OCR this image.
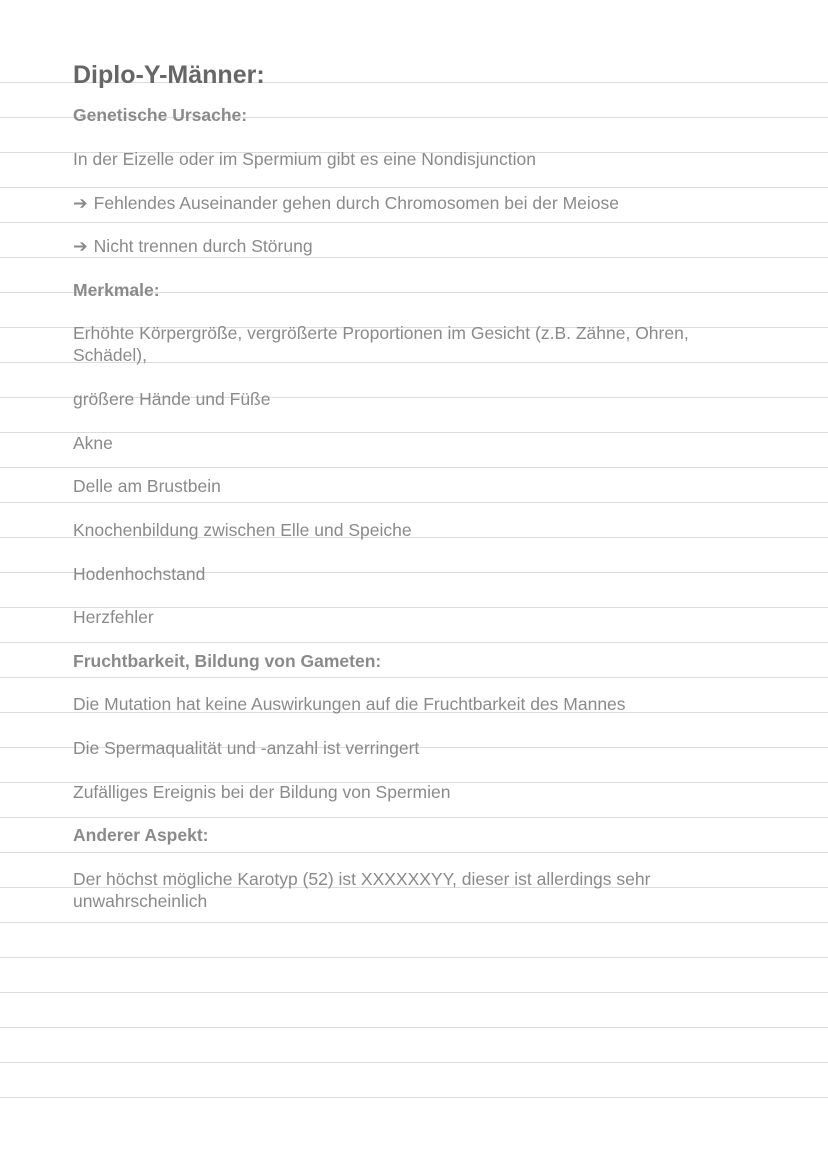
Diplo-Y-Männer:
Genetische Ursache:
In der Eizelle oder im Spermium gibt es eine Nondisjunction
➔ Fehlendes Auseinander gehen durch Chromosomen bei der Meiose
➔ Nicht trennen durch Störung
Merkmale:
Erhöhte Körpergröße, vergrößerte Proportionen im Gesicht (z.B. Zähne, Ohren, Schädel),
größere Hände und Füße
Akne
Delle am Brustbein
Knochenbildung zwischen Elle und Speiche
Hodenhochstand
Herzfehler
Fruchtbarkeit, Bildung von Gameten:
Die Mutation hat keine Auswirkungen auf die Fruchtbarkeit des Mannes
Die Spermaqualität und -anzahl ist verringert
Zufälliges Ereignis bei der Bildung von Spermien
Anderer Aspekt:
Der höchst mögliche Karotyp (52) ist XXXXXXYY, dieser ist allerdings sehr unwahrscheinlich
